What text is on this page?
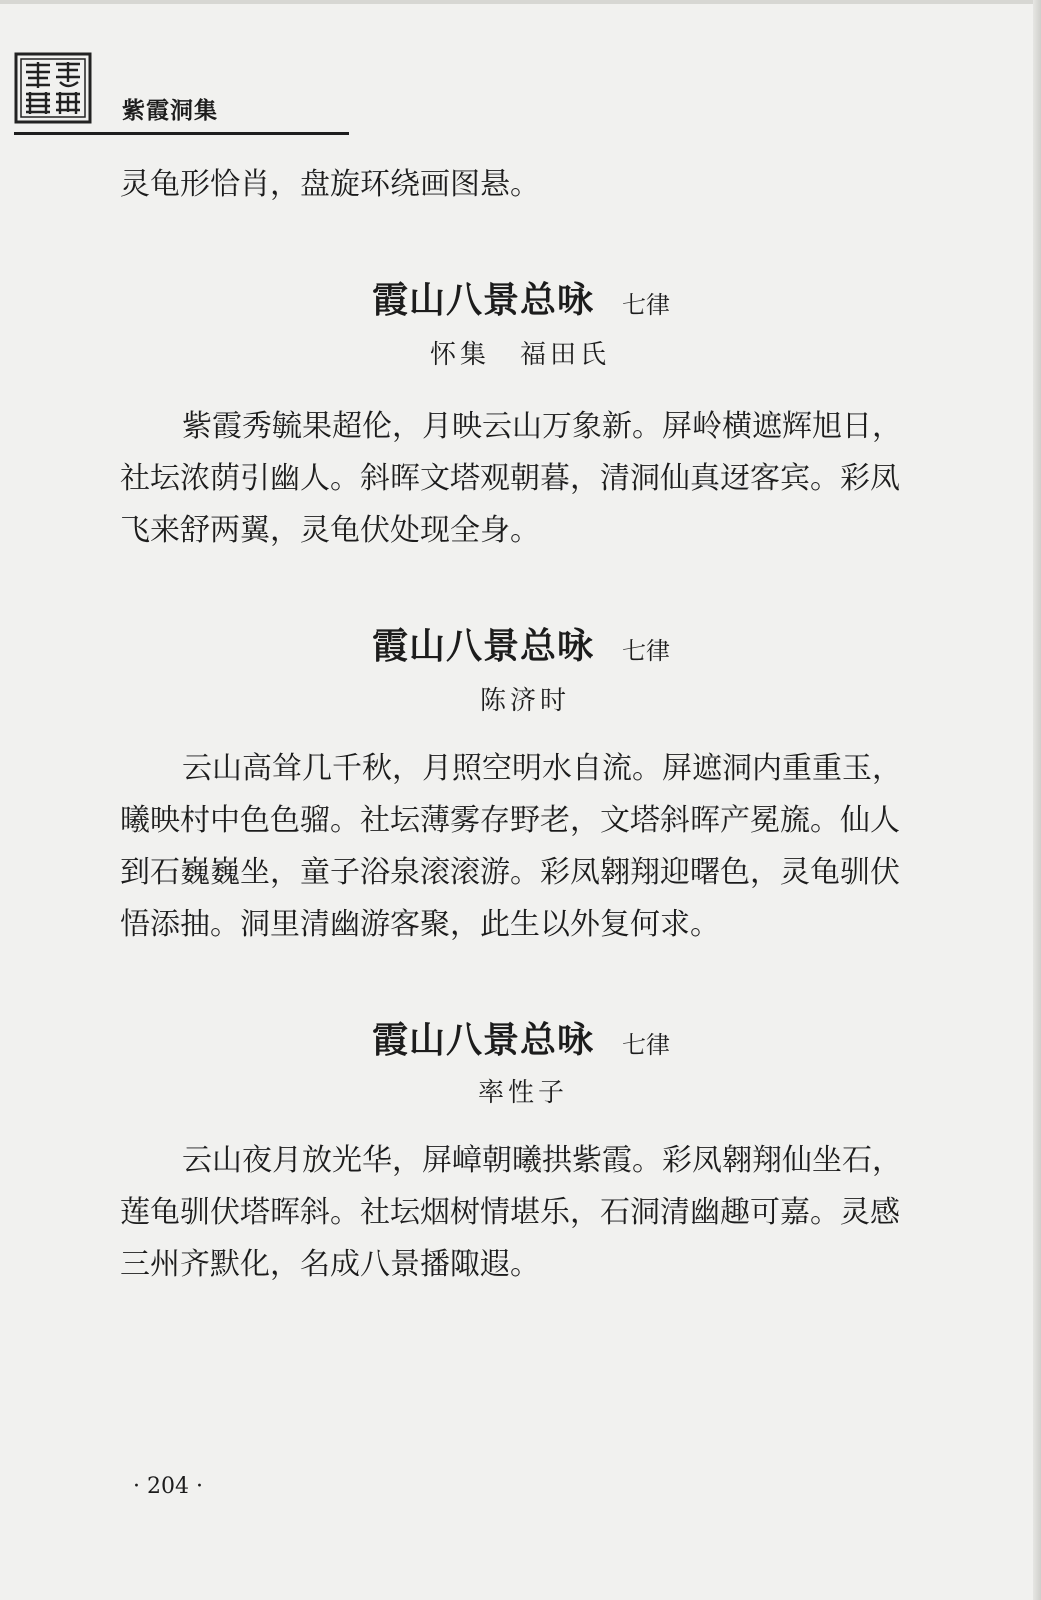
紫霞洞集
灵龟形恰肖，盘旋环绕画图悬。
霞山八景总咏 七律
怀集　福田氏
紫霞秀毓果超伦，月映云山万象新。屏岭横遮辉旭日，
社坛浓荫引幽人。斜晖文塔观朝暮，清洞仙真迓客宾。彩凤
飞来舒两翼，灵龟伏处现全身。
霞山八景总咏 七律
陈济时
云山高耸几千秋，月照空明水自流。屏遮洞内重重玉，
曦映村中色色骝。社坛薄雾存野老，文塔斜晖产冕旒。仙人
到石巍巍坐，童子浴泉滚滚游。彩凤翱翔迎曙色，灵龟驯伏
悟添抽。洞里清幽游客聚，此生以外复何求。
霞山八景总咏 七律
率性子
云山夜月放光华，屏嶂朝曦拱紫霞。彩凤翱翔仙坐石，
莲龟驯伏塔晖斜。社坛烟树情堪乐，石洞清幽趣可嘉。灵感
三州齐默化，名成八景播陬遐。
· 204 ·
